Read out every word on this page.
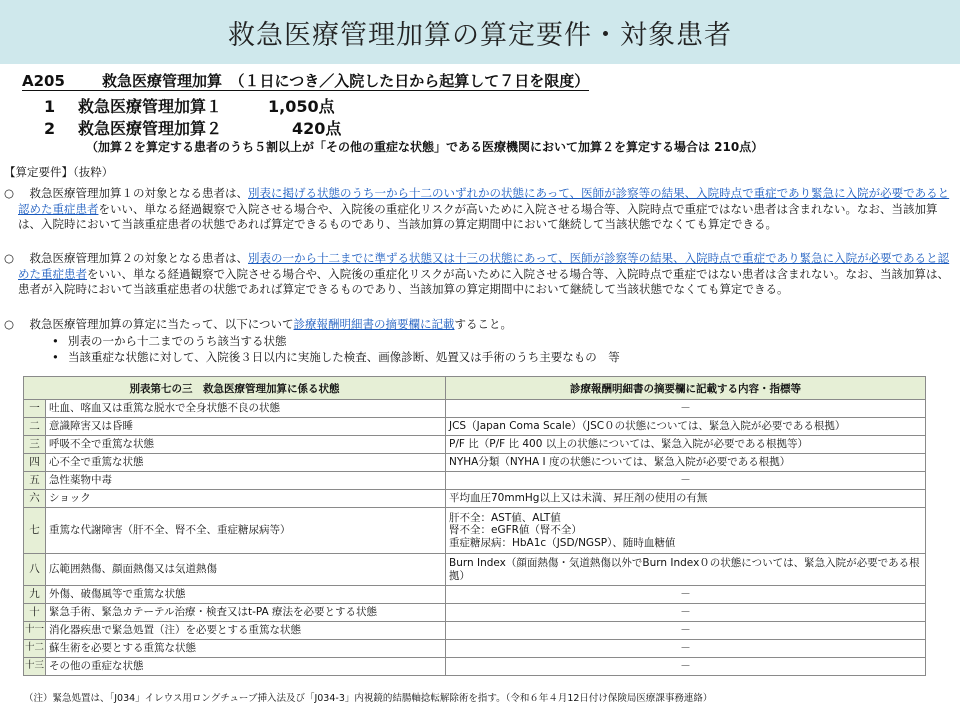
救急医療管理加算の算定要件・対象患者
A205 救急医療管理加算　 （１日につき／入院した日から起算して７日を限度）
1 救急医療管理加算１	1,050点
2 救急医療管理加算２	420点
（加算２を算定する患者のうち５割以上が「その他の重症な状態」である医療機関において加算２を算定する場合は 210点）
【算定要件】（抜粋）
○ 　救急医療管理加算１の対象となる患者は、別表に掲げる状態のうち一から十二のいずれかの状態にあって、医師が診察等の結果、入院時点で重症であり緊急に入院が必要であると認めた重症患者をいい、単なる経過観察で入院させる場合や、入院後の重症化リスクが高いために入院させる場合等、入院時点で重症ではない患者は含まれない。なお、当該加算は、入院時において当該重症患者の状態であれば算定できるものであり、当該加算の算定期間中において継続して当該状態でなくても算定できる。
○ 　救急医療管理加算２の対象となる患者は、別表の一から十二までに準ずる状態又は十三の状態にあって、医師が診察等の結果、入院時点で重症であり緊急に入院が必要であると認めた重症患者をいい、単なる経過観察で入院させる場合や、入院後の重症化リスクが高いために入院させる場合等、入院時点で重症ではない患者は含まれない。なお、当該加算は、患者が入院時において当該重症患者の状態であれば算定できるものであり、当該加算の算定期間中において継続して当該状態でなくても算定できる。
○ 　救急医療管理加算の算定に当たって、以下について診療報酬明細書の摘要欄に記載すること。
• 別表の一から十二までのうち該当する状態
• 当該重症な状態に対して、入院後３日以内に実施した検査、画像診断、処置又は手術のうち主要なもの　等
別表第七の三　救急医療管理加算に係る状態		診療報酬明細書の摘要欄に記載する内容・指標等
一	吐血、喀血又は重篤な脱水で全身状態不良の状態	－

二	意識障害又は昏睡	JCS（Japan Coma Scale）（JSC０の状態については、緊急入院が必要である根拠）

三	呼吸不全で重篤な状態	P/F 比（P/F 比 400 以上の状態については、緊急入院が必要である根拠等）

四	心不全で重篤な状態	NYHA分類（NYHA I 度の状態については、緊急入院が必要である根拠）

五	急性薬物中毒	－

六	ショック	平均血圧70mmHg以上又は未満、昇圧剤の使用の有無

七	重篤な代謝障害（肝不全、腎不全、重症糖尿病等）	肝不全：AST値、ALT値
腎不全：eGFR値（腎不全）
重症糖尿病：HbA1c（JSD/NGSP）、随時血糖値

八	広範囲熱傷、顔面熱傷又は気道熱傷	Burn Index（顔面熱傷・気道熱傷以外でBurn Index０の状態については、緊急入院が必要である根拠）

九	外傷、破傷風等で重篤な状態	－

十	緊急手術、緊急カテーテル治療・検査又はt-PA 療法を必要とする状態	－

十一	消化器疾患で緊急処置（注）を必要とする重篤な状態	－

十二	蘇生術を必要とする重篤な状態	－

十三	その他の重症な状態	－
（注）緊急処置は、「J034」イレウス用ロングチューブ挿入法及び「J034-3」内視鏡的結腸軸捻転解除術を指す。（令和６年４月12日付け保険局医療課事務連絡）
